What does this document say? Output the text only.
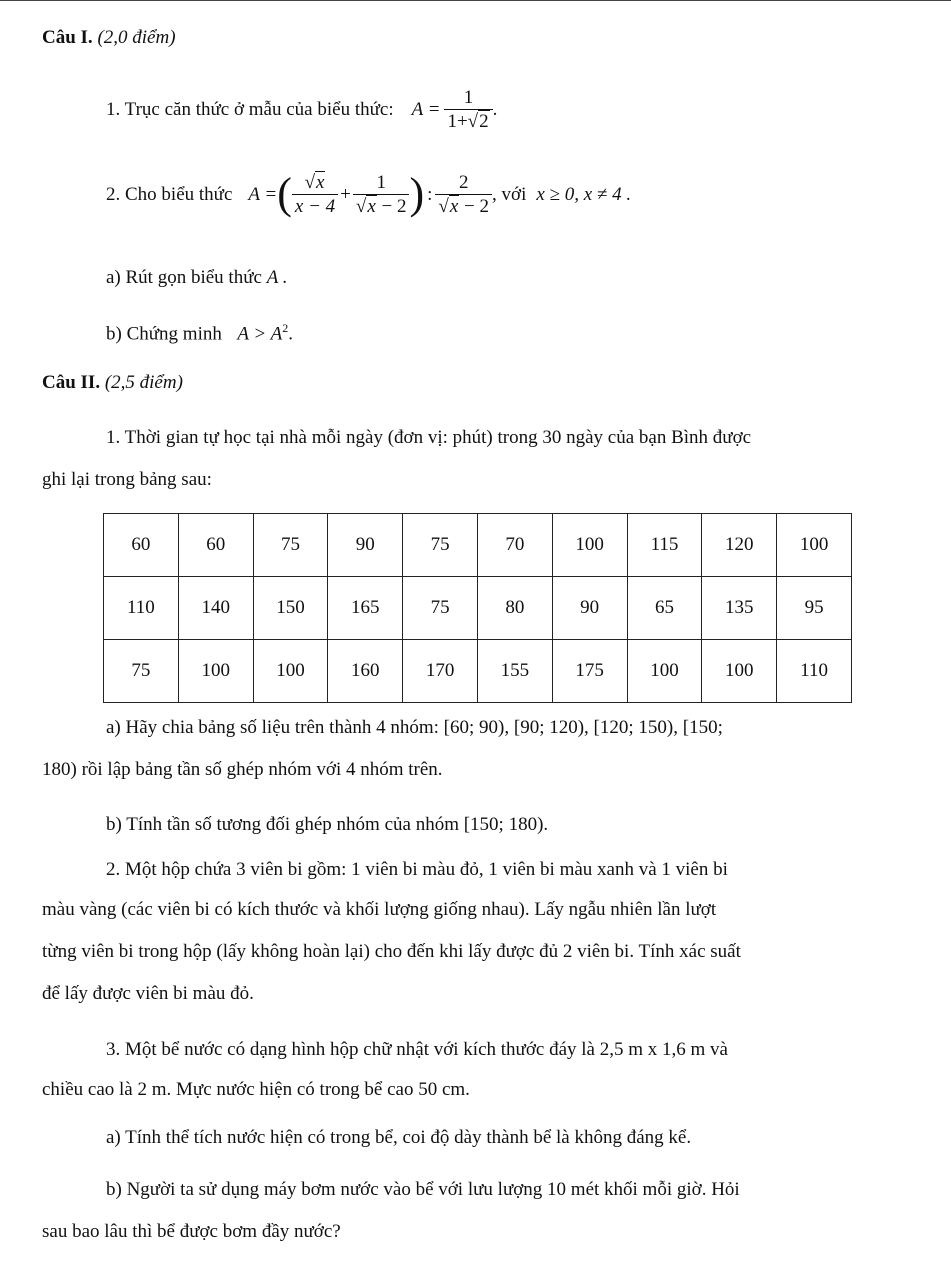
Câu I. (2,0 điểm)
1. Trục căn thức ở mẫu của biểu thức: $A = \frac{1}{1+√2}$ .
2. Cho biểu thức A = ( $\frac{√x}{x - 4} + \frac{1}{√x - 2}$ ) : $\frac{2}{√x - 2}$ , với x ≥ 0, x ≠ 4 .
a) Rút gọn biểu thức A .
b) Chứng minh $A > A^2$.
Câu II. (2,5 điểm)
1. Thời gian tự học tại nhà mỗi ngày (đơn vị: phút) trong 30 ngày của bạn Bình được
ghi lại trong bảng sau:
60	60	75	90	75	70	100	115	120	100
110	140	150	165	75	80	90	65	135	95
75	100	100	160	170	155	175	100	100	110
a) Hãy chia bảng số liệu trên thành 4 nhóm: [60; 90), [90; 120), [120; 150), [150;
180) rồi lập bảng tần số ghép nhóm với 4 nhóm trên.
b) Tính tần số tương đối ghép nhóm của nhóm [150; 180).
2. Một hộp chứa 3 viên bi gồm: 1 viên bi màu đỏ, 1 viên bi màu xanh và 1 viên bi
màu vàng (các viên bi có kích thước và khối lượng giống nhau). Lấy ngẫu nhiên lần lượt
từng viên bi trong hộp (lấy không hoàn lại) cho đến khi lấy được đủ 2 viên bi. Tính xác suất
để lấy được viên bi màu đỏ.
3. Một bể nước có dạng hình hộp chữ nhật với kích thước đáy là 2,5 m x 1,6 m và
chiều cao là 2 m. Mực nước hiện có trong bể cao 50 cm.
a) Tính thể tích nước hiện có trong bể, coi độ dày thành bể là không đáng kể.
b) Người ta sử dụng máy bơm nước vào bể với lưu lượng 10 mét khối mỗi giờ. Hỏi
sau bao lâu thì bể được bơm đầy nước?
